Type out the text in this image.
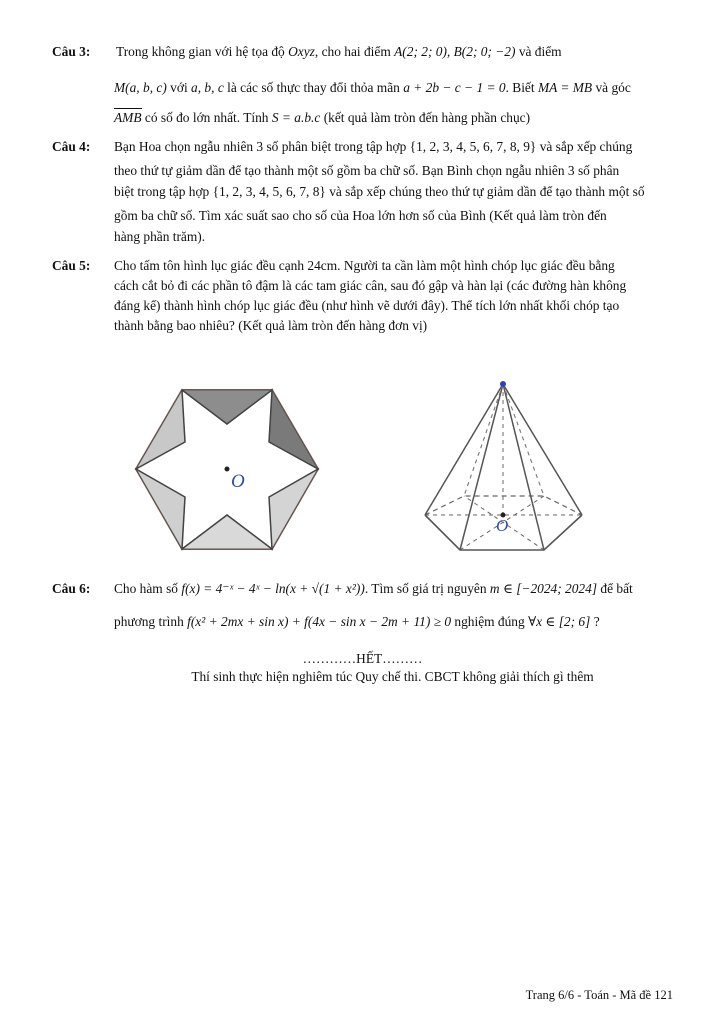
Câu 3: Trong không gian với hệ tọa độ Oxyz, cho hai điểm A(2; 2; 0), B(2; 0; −2) và điểm
M(a, b, c) với a, b, c là các số thực thay đổi thỏa mãn a + 2b − c − 1 = 0. Biết MA = MB và góc
AMB có số đo lớn nhất. Tính S = a.b.c (kết quả làm tròn đến hàng phần chục)
Câu 4: Bạn Hoa chọn ngẫu nhiên 3 số phân biệt trong tập hợp {1, 2, 3, 4, 5, 6, 7, 8, 9} và sắp xếp chúng
theo thứ tự giảm dần để tạo thành một số gồm ba chữ số. Bạn Bình chọn ngẫu nhiên 3 số phân
biệt trong tập hợp {1, 2, 3, 4, 5, 6, 7, 8} và sắp xếp chúng theo thứ tự giảm dần để tạo thành một số
gồm ba chữ số. Tìm xác suất sao cho số của Hoa lớn hơn số của Bình (Kết quả làm tròn đến
hàng phần trăm).
Câu 5: Cho tấm tôn hình lục giác đều cạnh 24cm. Người ta cần làm một hình chóp lục giác đều bằng
cách cắt bỏ đi các phần tô đậm là các tam giác cân, sau đó gập và hàn lại (các đường hàn không
đáng kể) thành hình chóp lục giác đều (như hình vẽ dưới đây). Thể tích lớn nhất khối chóp tạo
thành bằng bao nhiêu? (Kết quả làm tròn đến hàng đơn vị)
O
O
Câu 6: Cho hàm số f(x) = 4⁻ˣ − 4ˣ − ln(x + √(1 + x²)). Tìm số giá trị nguyên m ∈ [−2024; 2024] để bất
phương trình f(x² + 2mx + sin x) + f(4x − sin x − 2m + 11) ≥ 0 nghiệm đúng ∀x ∈ [2; 6] ?
…………HẾT………
Thí sinh thực hiện nghiêm túc Quy chế thi. CBCT không giải thích gì thêm
Trang 6/6 - Toán - Mã đề 121
